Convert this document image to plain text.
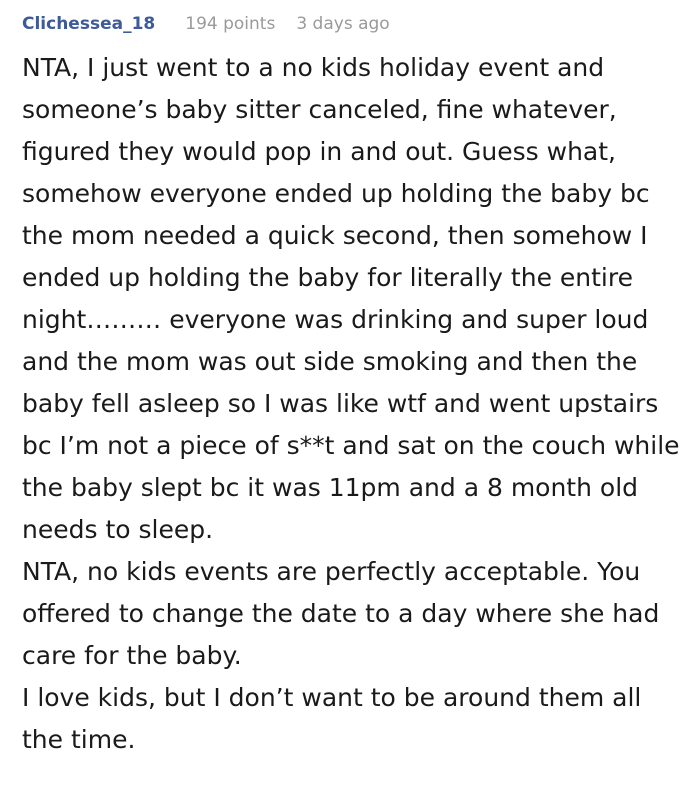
Clichessea_18 194 points 3 days ago

NTA, I just went to a no kids holiday event and someone’s baby sitter canceled, fine whatever, figured they would pop in and out. Guess what, somehow everyone ended up holding the baby bc the mom needed a quick second, then somehow I ended up holding the baby for literally the entire night……… everyone was drinking and super loud and the mom was out side smoking and then the baby fell asleep so I was like wtf and went upstairs bc I’m not a piece of s**t and sat on the couch while the baby slept bc it was 11pm and a 8 month old needs to sleep.

NTA, no kids events are perfectly acceptable. You offered to change the date to a day where she had care for the baby.

I love kids, but I don’t want to be around them all the time.
